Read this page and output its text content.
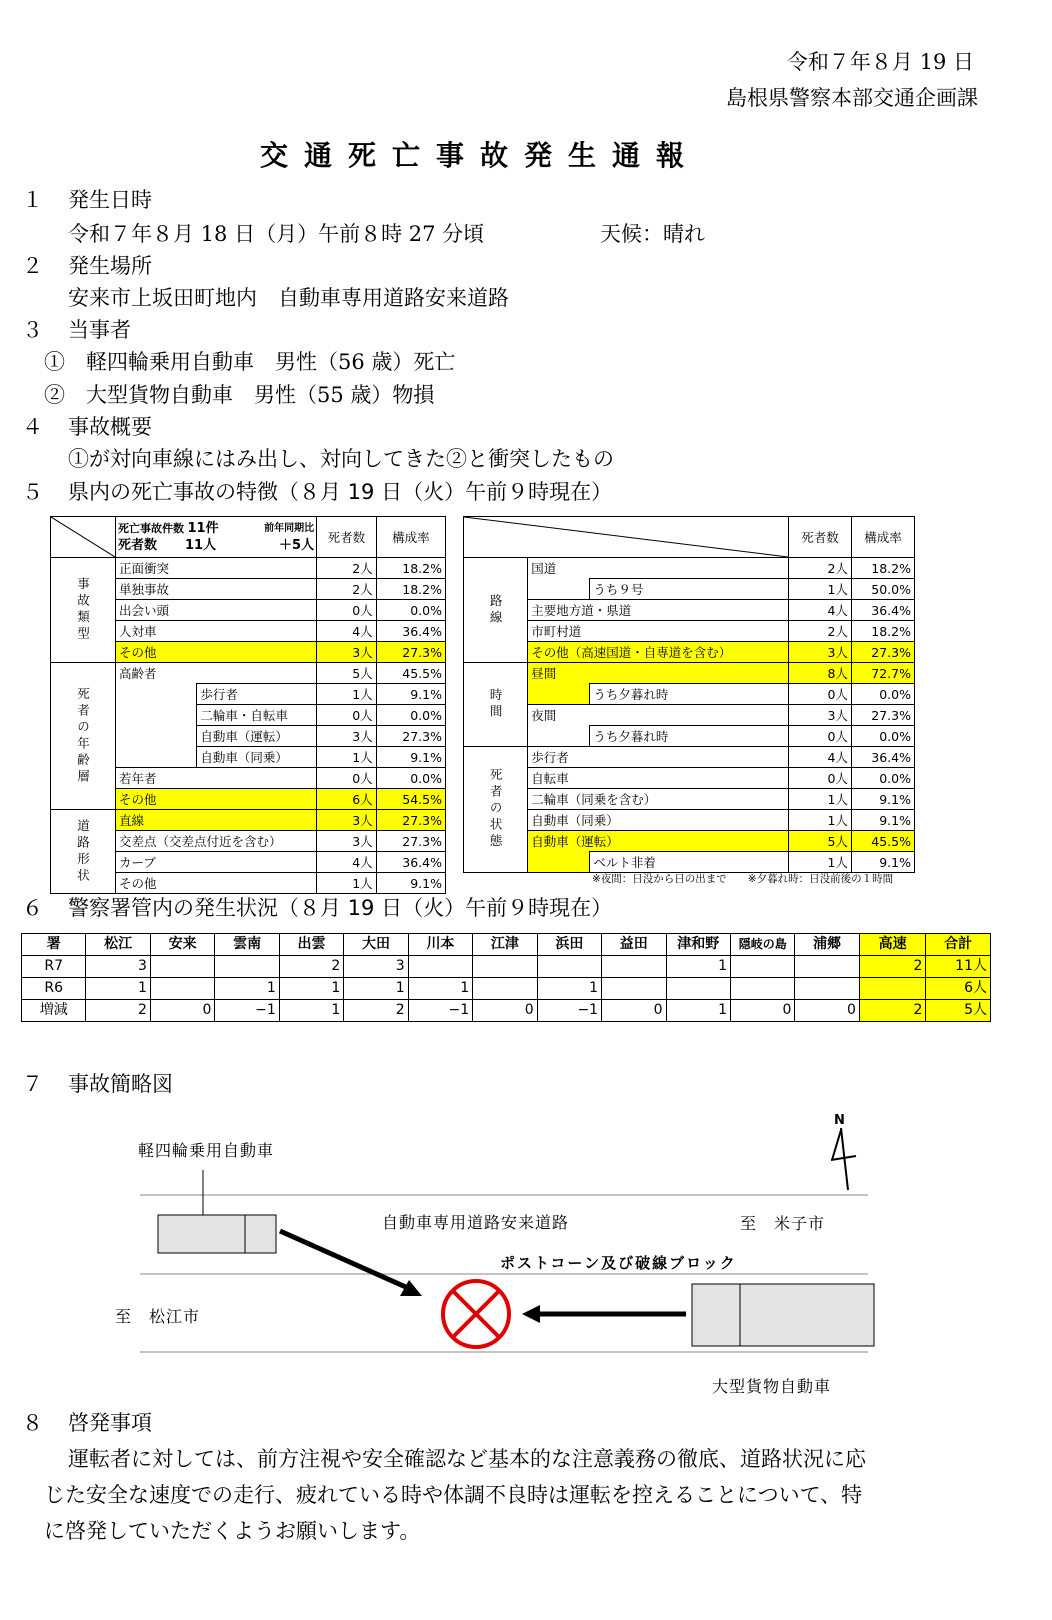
令和７年８月 19 日
島根県警察本部交通企画課
交通死亡事故発生通報
１ 発生日時
令和７年８月 18 日（月）午前８時 27 分頃	天候：晴れ
２ 発生場所
安来市上坂田町地内　自動車専用道路安来道路
３ 当事者
①　軽四輪乗用自動車　男性（56 歳）死亡
②　大型貨物自動車　男性（55 歳）物損
４ 事故概要
①が対向車線にはみ出し、対向してきた②と衝突したもの
５ 県内の死亡事故の特徴（８月 19 日（火）午前９時現在）

死亡事故件数 11件 前年同期比
死者数 11人 ＋5人		死者数	構成率
事故類型	正面衝突		2人	18.2%
	単独事故		2人	18.2%
	出会い頭		0人	0.0%
	人対車		4人	36.4%
	その他		3人	27.3%
死者の年齢層	高齢者		5人	45.5%
		歩行者	1人	9.1%
		二輪車・自転車	0人	0.0%
		自動車（運転）	3人	27.3%
		自動車（同乗）	1人	9.1%
	若年者		0人	0.0%
	その他		6人	54.5%
道路形状	直線		3人	27.3%
	交差点（交差点付近を含む）		3人	27.3%
	カーブ		4人	36.4%
	その他		1人	9.1%
	死者数	構成率
路線	国道		2人	18.2%
		うち９号	1人	50.0%
	主要地方道・県道		4人	36.4%
	市町村道		2人	18.2%
	その他（高速国道・自専道を含む）		3人	27.3%
時間	昼間		8人	72.7%
		うち夕暮れ時	0人	0.0%
	夜間		3人	27.3%
		うち夕暮れ時	0人	0.0%
死者の状態	歩行者		4人	36.4%
	自転車		0人	0.0%
	二輪車（同乗を含む）		1人	9.1%
	自動車（同乗）		1人	9.1%
	自動車（運転）		5人	45.5%
		ベルト非着	1人	9.1%
※夜間：日没から日の出まで　　※夕暮れ時：日没前後の１時間
６ 警察署管内の発生状況（８月 19 日（火）午前９時現在）
署	松江	安来	雲南	出雲	大田	川本	江津	浜田	益田	津和野	隠岐の島	浦郷	高速	合計
R7	3			2	3					1			2	11人
R6	1		1	1	1	1		1						6人
増減	2	0	−1	1	2	−1	0	−1	0	1	0	0	2	5人
７ 事故簡略図
N
軽四輪乗用自動車
自動車専用道路安来道路	至　米子市
ポストコーン及び破線ブロック
至　松江市
大型貨物自動車
８ 啓発事項
運転者に対しては、前方注視や安全確認など基本的な注意義務の徹底、道路状況に応
じた安全な速度での走行、疲れている時や体調不良時は運転を控えることについて、特
に啓発していただくようお願いします。
